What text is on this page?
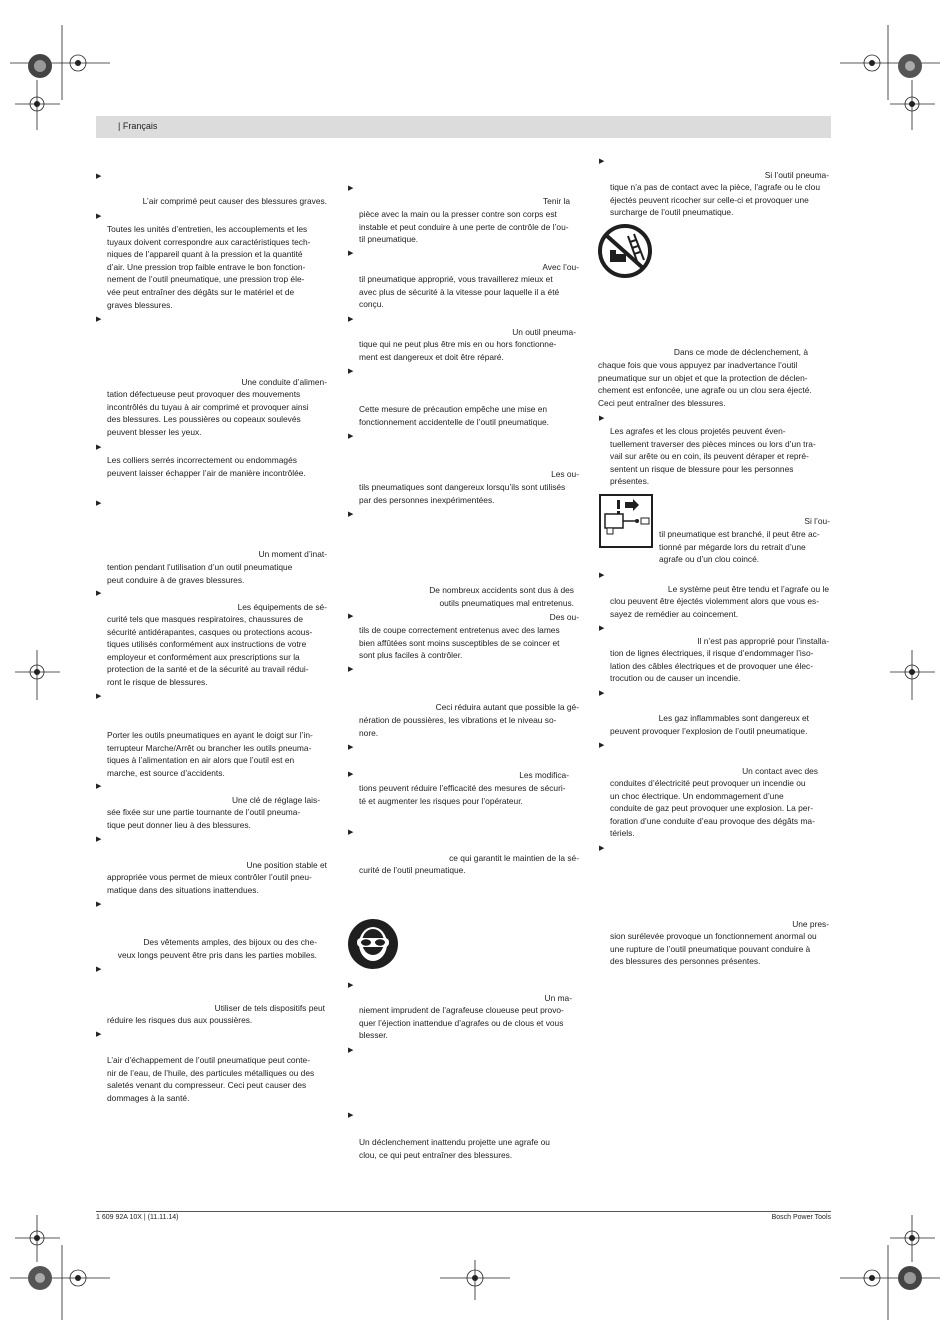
| Français
▶

L’air comprimé peut causer des blessures graves.

▶

Toutes les unités d’entretien, les accouplements et les
tuyaux doivent correspondre aux caractéristiques tech-
niques de l’appareil quant à la pression et la quantité
d’air. Une pression trop faible entrave le bon fonction-
nement de l’outil pneumatique, une pression trop éle-
vée peut entraîner des dégâts sur le matériel et de
graves blessures.

▶

Une conduite d’alimen-

tation défectueuse peut provoquer des mouvements
incontrôlés du tuyau à air comprimé et provoquer ainsi
des blessures. Les poussières ou copeaux soulevés
peuvent blesser les yeux.

▶

Les colliers serrés incorrectement ou endommagés
peuvent laisser échapper l’air de manière incontrôlée.

▶

Un moment d’inat-

tention pendant l’utilisation d’un outil pneumatique
peut conduire à de graves blessures.

▶

Les équipements de sé-

curité tels que masques respiratoires, chaussures de
sécurité antidérapantes, casques ou protections acous-
tiques utilisés conformément aux instructions de votre
employeur et conformément aux prescriptions sur la
protection de la santé et de la sécurité au travail rédui-
ront le risque de blessures.

▶

Porter les outils pneumatiques en ayant le doigt sur l’in-
terrupteur Marche/Arrêt ou brancher les outils pneuma-
tiques à l’alimentation en air alors que l’outil est en
marche, est source d’accidents.

▶

Une clé de réglage lais-

sée fixée sur une partie tournante de l’outil pneuma-
tique peut donner lieu à des blessures.

▶

Une position stable et

appropriée vous permet de mieux contrôler l’outil pneu-
matique dans des situations inattendues.

▶

Des vêtements amples, des bijoux ou des che-
veux longs peuvent être pris dans les parties mobiles.

▶

Utiliser de tels dispositifs peut

réduire les risques dus aux poussières.

▶

L’air d’échappement de l’outil pneumatique peut conte-
nir de l’eau, de l’huile, des particules métalliques ou des
saletés venant du compresseur. Ceci peut causer des
dommages à la santé.

▶

Tenir la

pièce avec la main ou la presser contre son corps est
instable et peut conduire à une perte de contrôle de l’ou-
til pneumatique.

▶

Avec l’ou-

til pneumatique approprié, vous travaillerez mieux et
avec plus de sécurité à la vitesse pour laquelle il a été
conçu.

▶

Un outil pneuma-

tique qui ne peut plus être mis en ou hors fonctionne-
ment est dangereux et doit être réparé.

▶

Cette mesure de précaution empêche une mise en
fonctionnement accidentelle de l’outil pneumatique.

▶

Les ou-

tils pneumatiques sont dangereux lorsqu’ils sont utilisés
par des personnes inexpérimentées.

▶

De nombreux accidents sont dus à des
outils pneumatiques mal entretenus.

▶	Des ou-

tils de coupe correctement entretenus avec des lames
bien affûtées sont moins susceptibles de se coincer et
sont plus faciles à contrôler.

▶

Ceci réduira autant que possible la gé-

nération de poussières, les vibrations et le niveau so-
nore.

▶
▶	Les modifica-

tions peuvent réduire l’efficacité des mesures de sécuri-
té et augmenter les risques pour l’opérateur.

▶

ce qui garantit le maintien de la sé-

curité de l’outil pneumatique.

▶

Un ma-

niement imprudent de l’agrafeuse cloueuse peut provo-
quer l’éjection inattendue d’agrafes ou de clous et vous
blesser.

▶
▶

Un déclenchement inattendu projette une agrafe ou
clou, ce qui peut entraîner des blessures.

▶

Si l’outil pneuma-

tique n’a pas de contact avec la pièce, l’agrafe ou le clou
éjectés peuvent ricocher sur celle-ci et provoquer une
surcharge de l’outil pneumatique.

Dans ce mode de déclenchement, à

chaque fois que vous appuyez par inadvertance l’outil
pneumatique sur un objet et que la protection de déclen-
chement est enfoncée, une agrafe ou un clou sera éjecté.
Ceci peut entraîner des blessures.

▶

Les agrafes et les clous projetés peuvent éven-
tuellement traverser des pièces minces ou lors d’un tra-
vail sur arête ou en coin, ils peuvent déraper et repré-
sentent un risque de blessure pour les personnes
présentes.

Si l’ou-

til pneumatique est branché, il peut être ac-
tionné par mégarde lors du retrait d’une
agrafe ou d’un clou coincé.

▶

Le système peut être tendu et l’agrafe ou le

clou peuvent être éjectés violemment alors que vous es-
sayez de remédier au coincement.

▶

Il n’est pas approprié pour l’installa-

tion de lignes électriques, il risque d’endommager l’iso-
lation des câbles électriques et de provoquer une élec-
trocution ou de causer un incendie.

▶

Les gaz inflammables sont dangereux et

peuvent provoquer l’explosion de l’outil pneumatique.

▶

Un contact avec des

conduites d’électricité peut provoquer un incendie ou
un choc électrique. Un endommagement d’une
conduite de gaz peut provoquer une explosion. La per-
foration d’une conduite d’eau provoque des dégâts ma-
tériels.

▶

Une pres-

sion surélevée provoque un fonctionnement anormal ou
une rupture de l’outil pneumatique pouvant conduire à
des blessures des personnes présentes.

1 609 92A 10X | (11.11.14)	Bosch Power Tools
